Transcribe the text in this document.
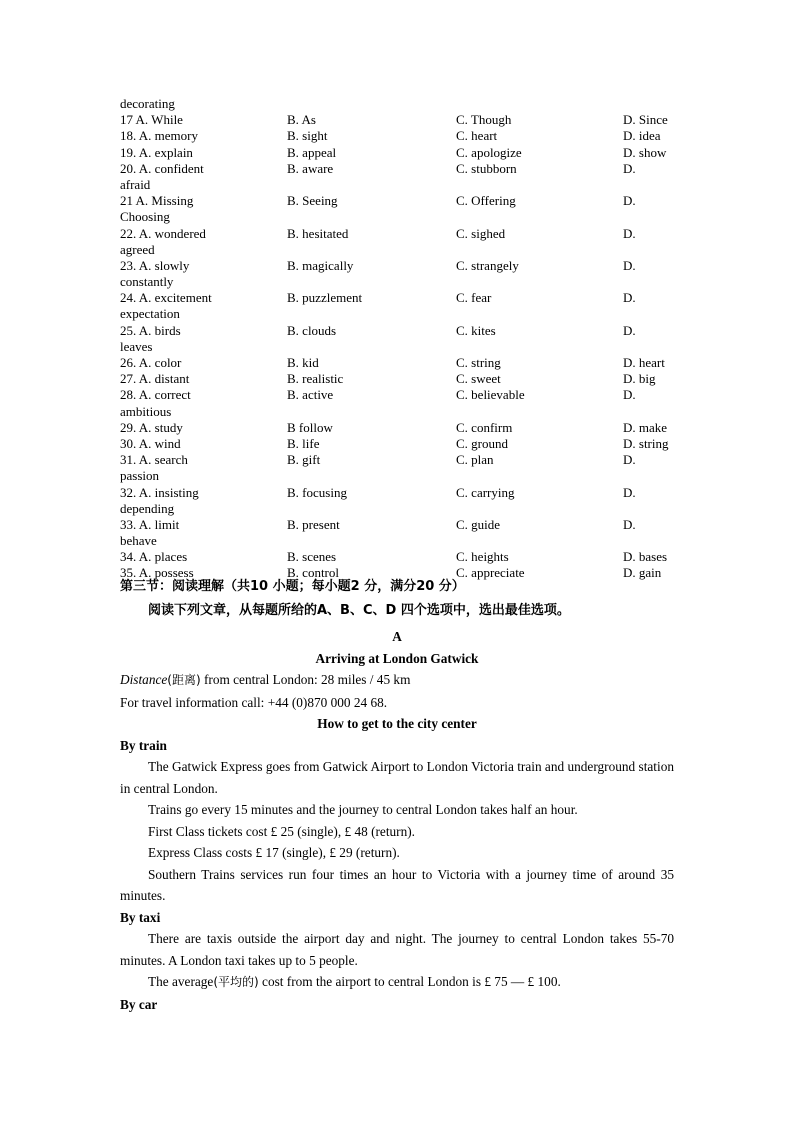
decorating
17 A. While	B. As	C. Though	D. Since
18. A. memory	B. sight	C. heart	D. idea
19. A. explain	B. appeal	C. apologize	D. show
20. A. confident	B. aware	C. stubborn	D.
afraid
21 A. Missing	B. Seeing	C. Offering	D.
Choosing
22. A. wondered	B. hesitated	C. sighed	D.
agreed
23. A. slowly	B. magically	C. strangely	D.
constantly
24. A. excitement	B. puzzlement	C. fear	D.
expectation
25. A. birds	B. clouds	C. kites	D.
leaves
26. A. color	B. kid	C. string	D. heart
27. A. distant	B. realistic	C. sweet	D. big
28. A. correct	B. active	C. believable	D.
ambitious
29. A. study	B follow	C. confirm	D. make
30. A. wind	B. life	C. ground	D. string
31. A. search	B. gift	C. plan	D.
passion
32. A. insisting	B. focusing	C. carrying	D.
depending
33. A. limit	B. present	C. guide	D.
behave
34. A. places	B. scenes	C. heights	D. bases
35. A. possess	B. control	C. appreciate	D. gain
第三节：阅读理解（共10 小题；每小题2 分，满分20 分）
阅读下列文章，从每题所给的A、B、C、D 四个选项中，选出最佳选项。

A

Arriving at London Gatwick

Distance(距离) from central London: 28 miles / 45 km

For travel information call: +44 (0)870 000 24 68.

How to get to the city center

By train

The Gatwick Express goes from Gatwick Airport to London Victoria train and underground station in central London.

Trains go every 15 minutes and the journey to central London takes half an hour.

First Class tickets cost £ 25 (single), £ 48 (return).

Express Class costs £ 17 (single), £ 29 (return).

Southern Trains services run four times an hour to Victoria with a journey time of around 35 minutes.

By taxi

There are taxis outside the airport day and night. The journey to central London takes 55-70 minutes. A London taxi takes up to 5 people.

The average(平均的) cost from the airport to central London is £ 75 — £ 100.

By car
